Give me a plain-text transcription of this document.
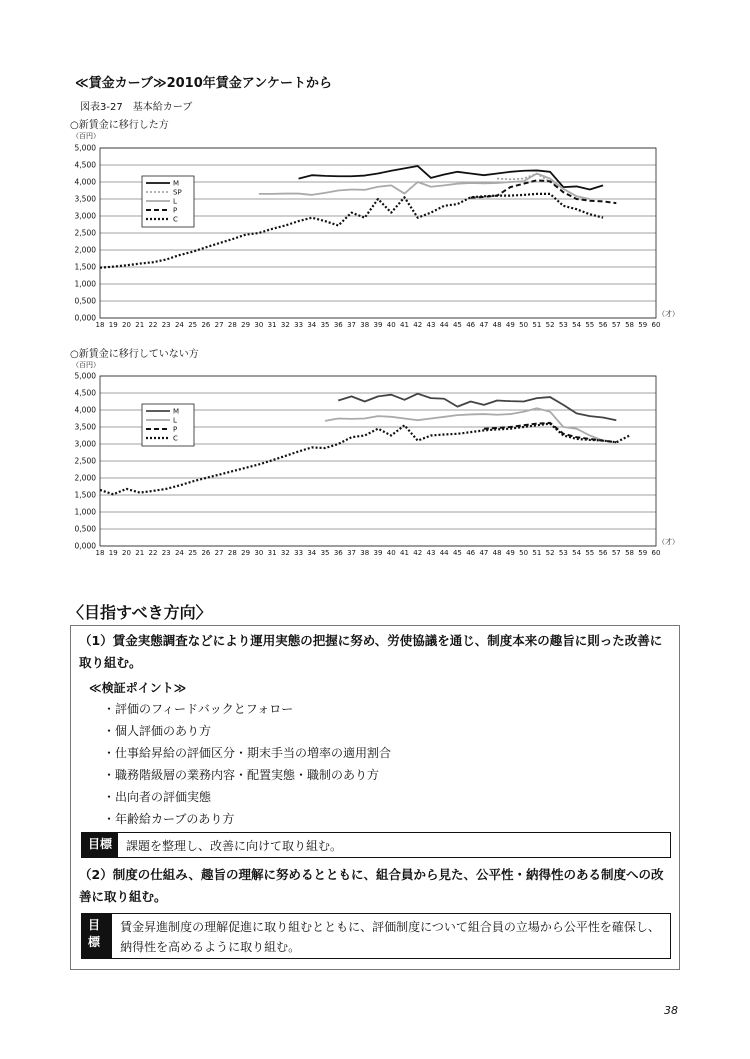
≪賃金カーブ≫2010年賃金アンケートから
図表3-27　基本給カーブ
○新賃金に移行した方
（百円）
0,000
0,500
1,000
1,500
2,000
2,500
3,000
3,500
4,000
4,500
5,000
18 19 20 21 22 23 24 25 26 27 28 29 30 31 32 33 34 35 36 37 38 39 40 41 42 43 44 45 46 47 48 49 50 51 52 53 54 55 56 57 58 59 60
（才）
M
SP
L
P
C
○新賃金に移行していない方
（百円）
0,000
0,500
1,000
1,500
2,000
2,500
3,000
3,500
4,000
4,500
5,000
18 19 20 21 22 23 24 25 26 27 28 29 30 31 32 33 34 35 36 37 38 39 40 41 42 43 44 45 46 47 48 49 50 51 52 53 54 55 56 57 58 59 60
（才）
M
L
P
C
〈目指すべき方向〉
（1）賃金実態調査などにより運用実態の把握に努め、労使協議を通じ、制度本来の趣旨に則った改善に取り組む。
≪検証ポイント≫
・評価のフィードバックとフォロー
・個人評価のあり方
・仕事給昇給の評価区分・期末手当の増率の適用割合
・職務階級層の業務内容・配置実態・職制のあり方
・出向者の評価実態
・年齢給カーブのあり方
目標	課題を整理し、改善に向けて取り組む。
（2）制度の仕組み、趣旨の理解に努めるとともに、組合員から見た、公平性・納得性のある制度への改善に取り組む。
目標
賃金昇進制度の理解促進に取り組むとともに、評価制度について組合員の立場から公平性を確保し、納得性を高めるように取り組む。
38
